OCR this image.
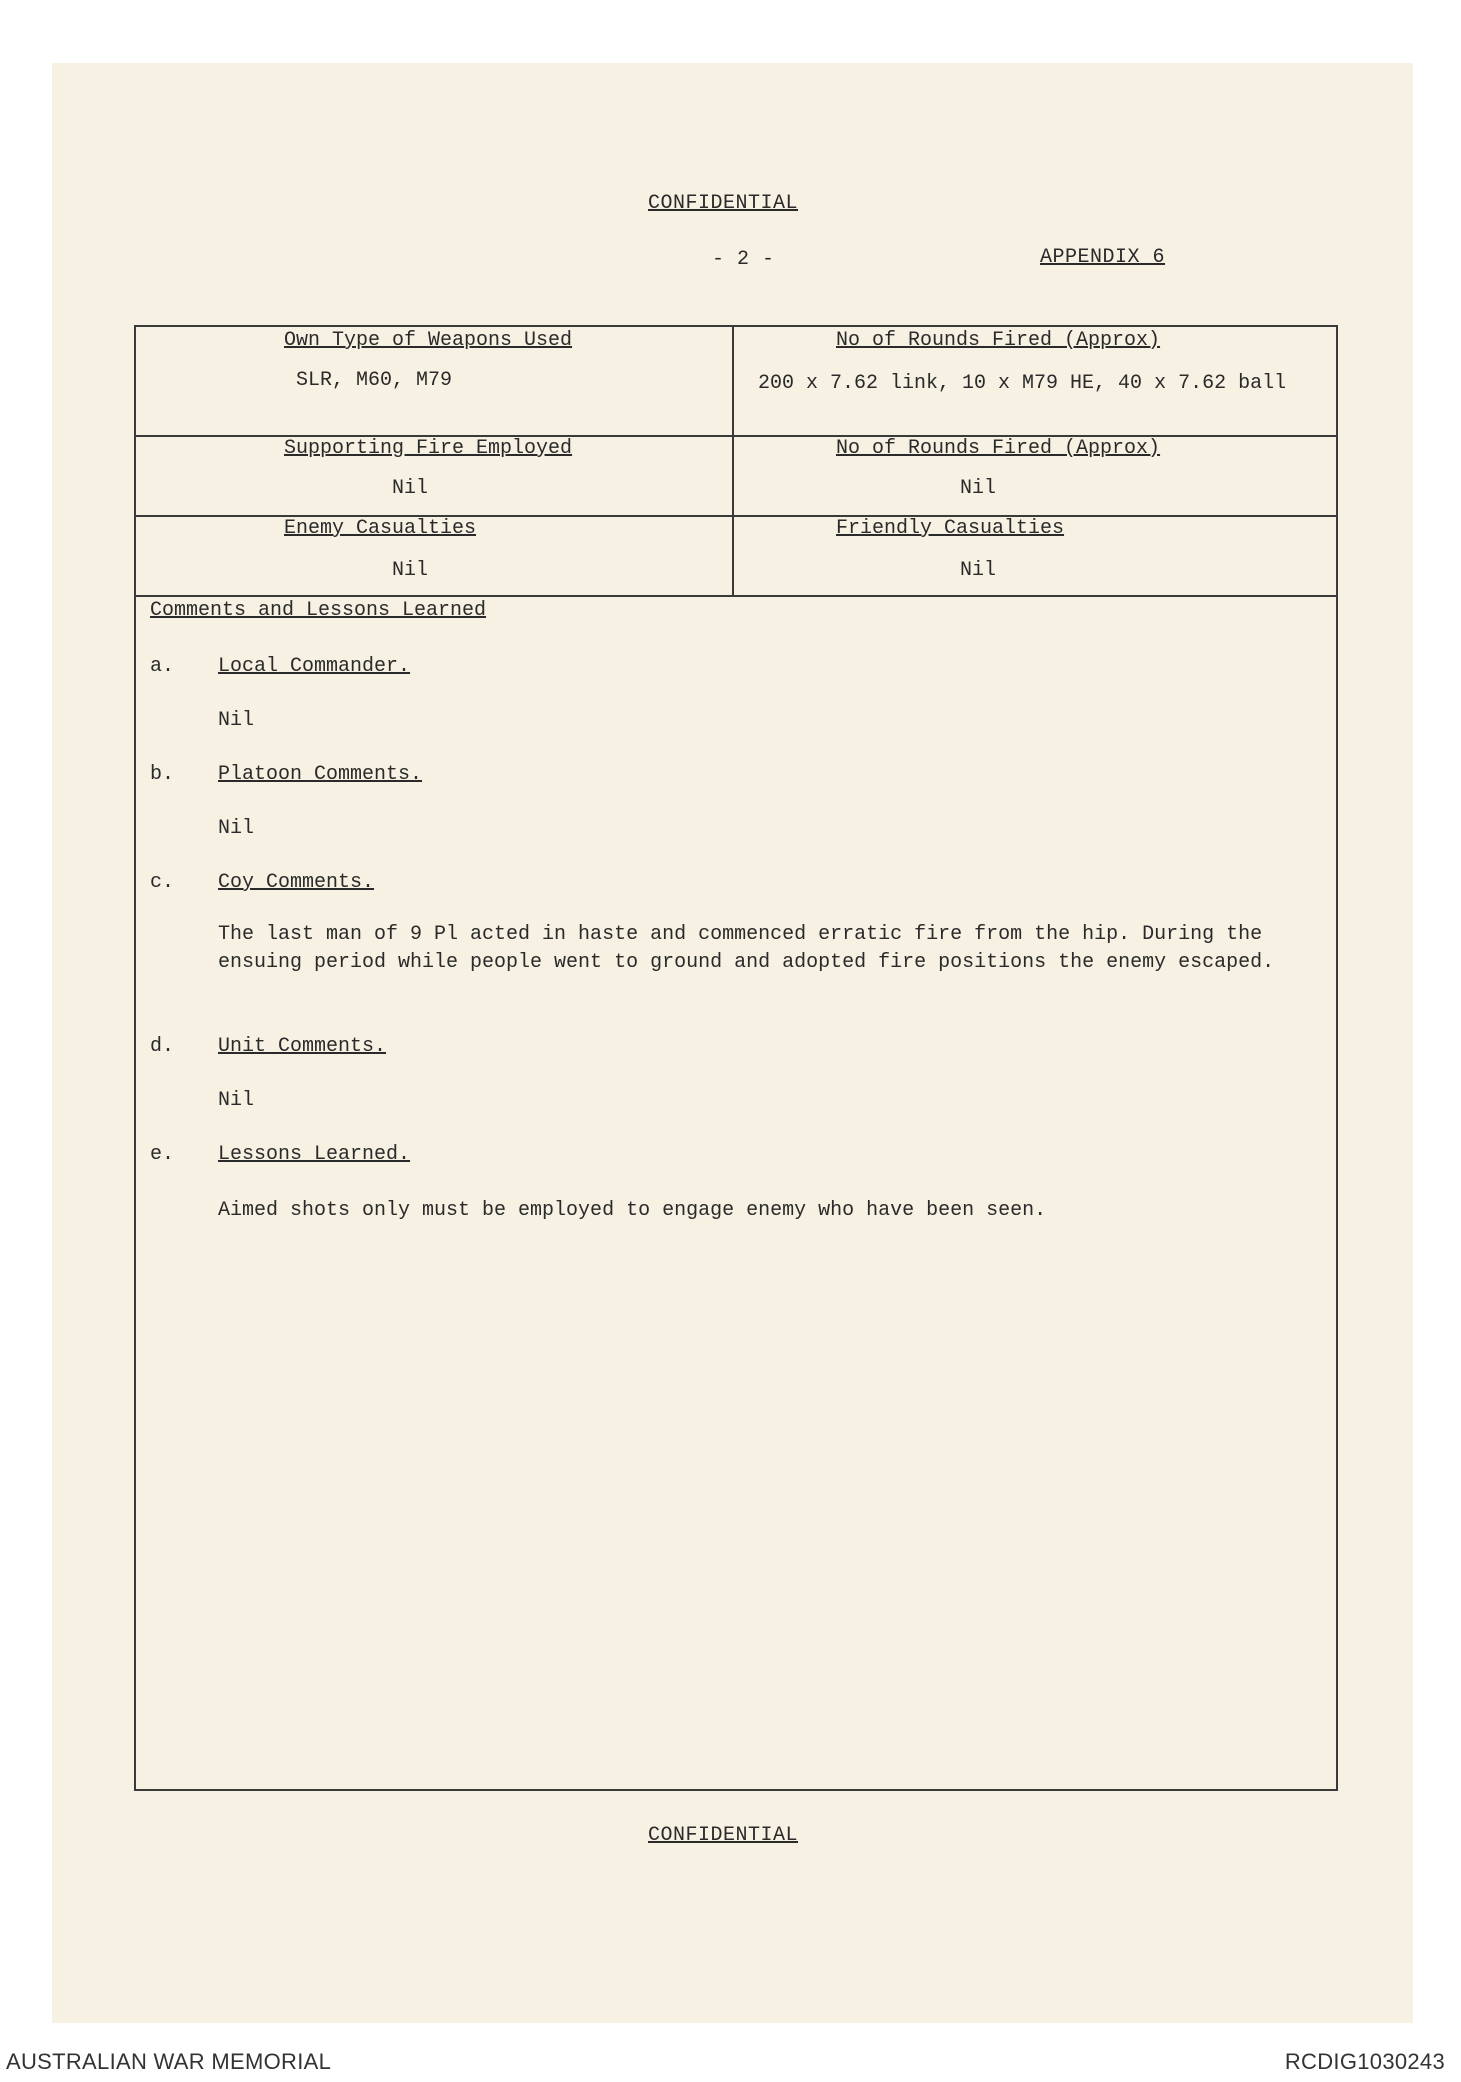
CONFIDENTIAL
- 2 -	APPENDIX 6
Own Type of Weapons Used
SLR, M60, M79
No of Rounds Fired (Approx)
200 x 7.62 link, 10 x M79 HE, 40 x 7.62 ball
Supporting Fire Employed
Nil
No of Rounds Fired (Approx)
Nil
Enemy Casualties
Nil
Friendly Casualties
Nil
Comments and Lessons Learned
a. Local Commander.
Nil
b. Platoon Comments.
Nil
c. Coy Comments.
The last man of 9 Pl acted in haste and commenced erratic fire from the hip. During the ensuing period while people went to ground and adopted fire positions the enemy escaped.
d. Unit Comments.
Nil
e. Lessons Learned.
Aimed shots only must be employed to engage enemy who have been seen.
CONFIDENTIAL
AUSTRALIAN WAR MEMORIAL	RCDIG1030243
